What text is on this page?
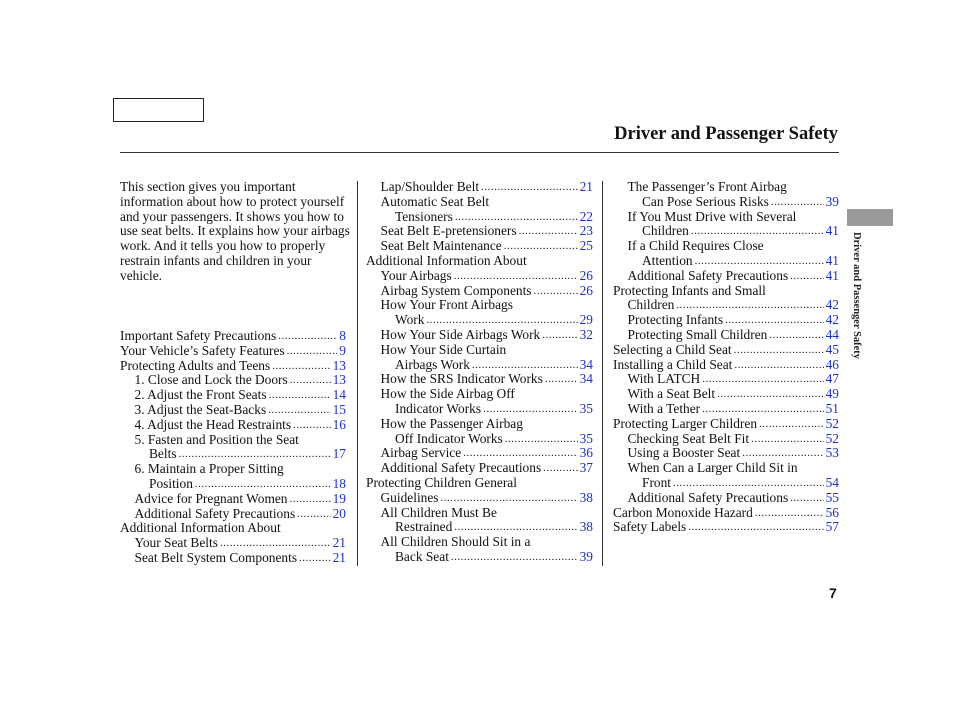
Driver and Passenger Safety

This section gives you important information about how to protect yourself and your passengers. It shows you how to use seat belts. It explains how your airbags work. And it tells you how to properly restrain infants and children in your vehicle.

Important Safety Precautions .....	8
Your Vehicle’s Safety Features .....	9
Protecting Adults and Teens .....	13
1. Close and Lock the Doors .....	13
2. Adjust the Front Seats .....	14
3. Adjust the Seat-Backs .....	15
4. Adjust the Head Restraints .....	16
5. Fasten and Position the Seat
Belts .....	17
6. Maintain a Proper Sitting
Position .....	18
Advice for Pregnant Women .....	19
Additional Safety Precautions .....	20
Additional Information About
Your Seat Belts .....	21
Seat Belt System Components .....	21
Lap/Shoulder Belt .....	21
Automatic Seat Belt
Tensioners .....	22
Seat Belt E-pretensioners .....	23
Seat Belt Maintenance .....	25
Additional Information About
Your Airbags .....	26
Airbag System Components .....	26
How Your Front Airbags
Work .....	29
How Your Side Airbags Work .....	32
How Your Side Curtain
Airbags Work .....	34
How the SRS Indicator Works .....	34
How the Side Airbag Off
Indicator Works .....	35
How the Passenger Airbag
Off Indicator Works .....	35
Airbag Service .....	36
Additional Safety Precautions .....	37
Protecting Children General
Guidelines .....	38
All Children Must Be
Restrained .....	38
All Children Should Sit in a
Back Seat .....	39
The Passenger’s Front Airbag
Can Pose Serious Risks .....	39
If You Must Drive with Several
Children .....	41
If a Child Requires Close
Attention .....	41
Additional Safety Precautions .....	41
Protecting Infants and Small
Children .....	42
Protecting Infants .....	42
Protecting Small Children .....	44
Selecting a Child Seat .....	45
Installing a Child Seat .....	46
With LATCH .....	47
With a Seat Belt .....	49
With a Tether .....	51
Protecting Larger Children .....	52
Checking Seat Belt Fit .....	52
Using a Booster Seat .....	53
When Can a Larger Child Sit in
Front .....	54
Additional Safety Precautions .....	55
Carbon Monoxide Hazard .....	56
Safety Labels .....	57
Driver and Passenger Safety
7
